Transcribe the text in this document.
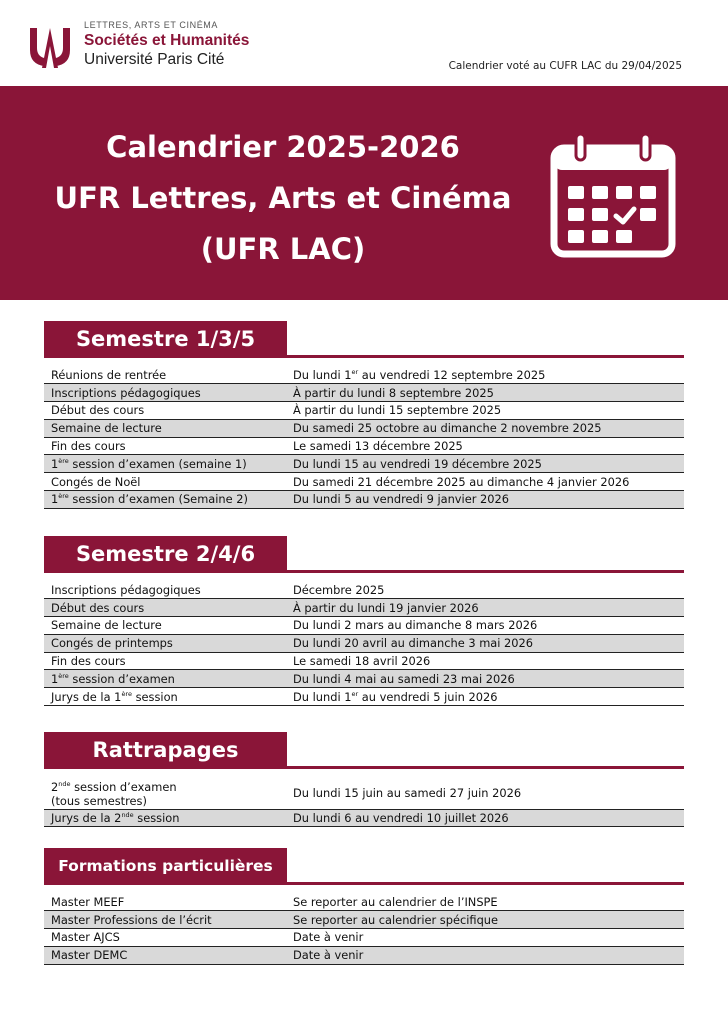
LETTRES, ARTS ET CINÉMA
Sociétés et Humanités
Université Paris Cité	Calendrier voté au CUFR LAC du 29/04/2025
Calendrier 2025-2026
UFR Lettres, Arts et Cinéma
(UFR LAC)
Semestre 1/3/5
Réunions de rentrée	Du lundi 1er au vendredi 12 septembre 2025
Inscriptions pédagogiques	À partir du lundi 8 septembre 2025
Début des cours	À partir du lundi 15 septembre 2025
Semaine de lecture	Du samedi 25 octobre au dimanche 2 novembre 2025
Fin des cours	Le samedi 13 décembre 2025
1ère session d’examen (semaine 1)	Du lundi 15 au vendredi 19 décembre 2025
Congés de Noël	Du samedi 21 décembre 2025 au dimanche 4 janvier 2026
1ère session d’examen (Semaine 2)	Du lundi 5 au vendredi 9 janvier 2026
Semestre 2/4/6
Inscriptions pédagogiques	Décembre 2025
Début des cours	À partir du lundi 19 janvier 2026
Semaine de lecture	Du lundi 2 mars au dimanche 8 mars 2026
Congés de printemps	Du lundi 20 avril au dimanche 3 mai 2026
Fin des cours	Le samedi 18 avril 2026
1ère session d’examen	Du lundi 4 mai au samedi 23 mai 2026
Jurys de la 1ère session	Du lundi 1er au vendredi 5 juin 2026
Rattrapages
2nde session d’examen
(tous semestres)	Du lundi 15 juin au samedi 27 juin 2026
Jurys de la 2nde session	Du lundi 6 au vendredi 10 juillet 2026
Formations particulières
Master MEEF	Se reporter au calendrier de l’INSPE
Master Professions de l’écrit	Se reporter au calendrier spécifique
Master AJCS	Date à venir
Master DEMC	Date à venir
